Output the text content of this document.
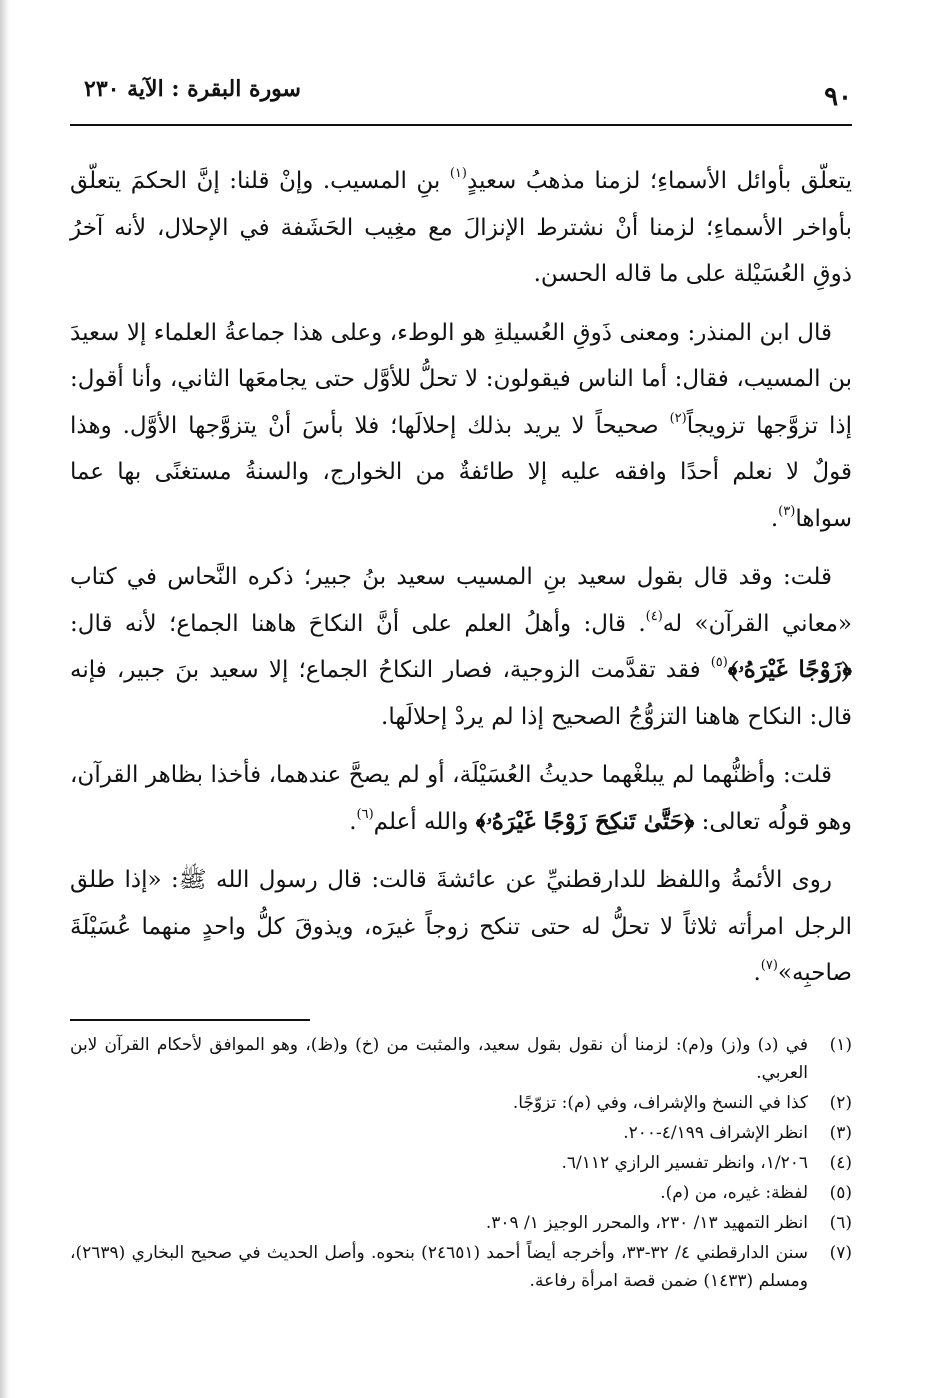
٩٠
سورة البقرة : الآية ٢٣٠

يتعلّق بأوائل الأسماءِ؛ لزمنا مذهبُ سعيدٍ$^{(١)}$ بنِ المسيب. وإنْ قلنا: إنَّ الحكمَ يتعلّق بأواخر الأسماءِ؛ لزمنا أنْ نشترط الإنزالَ مع مغِيب الحَشَفة في الإحلال، لأنه آخرُ ذوقِ العُسَيْلة على ما قاله الحسن.

قال ابن المنذر: ومعنى ذَوقِ العُسيلةِ هو الوطء، وعلى هذا جماعةُ العلماء إلا سعيدَ بن المسيب، فقال: أما الناس فيقولون: لا تحلُّ للأوَّل حتى يجامعَها الثاني، وأنا أقول: إذا تزوَّجها تزويجاً$^{(٢)}$ صحيحاً لا يريد بذلك إحلالَها؛ فلا بأسَ أنْ يتزوَّجها الأوَّل. وهذا قولٌ لا نعلم أحدًا وافقه عليه إلا طائفةٌ من الخوارج، والسنةُ مستغنًى بها عما سواها$^{(٣)}$.

قلت: وقد قال بقول سعيد بنِ المسيب سعيد بنُ جبير؛ ذكره النَّحاس في كتاب «معاني القرآن» له$^{(٤)}$. قال: وأهلُ العلم على أنَّ النكاحَ هاهنا الجماع؛ لأنه قال: ﴿زَوْجًا غَيْرَهُۥ﴾$^{(٥)}$ فقد تقدَّمت الزوجية، فصار النكاحُ الجماع؛ إلا سعيد بنَ جبير، فإنه قال: النكاح هاهنا التزوُّجُ الصحيح إذا لم يردْ إحلالَها.

قلت: وأظنُّهما لم يبلغْهما حديثُ العُسَيْلَة، أو لم يصحَّ عندهما، فأخذا بظاهر القرآن، وهو قولُه تعالى: ﴿حَتَّىٰ تَنكِحَ زَوْجًا غَيْرَهُۥ﴾ والله أعلم$^{(٦)}$.

روى الأئمةُ واللفظ للدارقطنيِّ عن عائشةَ قالت: قال رسول الله ﷺ: «إذا طلق الرجل امرأته ثلاثاً لا تحلُّ له حتى تنكح زوجاً غيرَه، ويذوقَ كلُّ واحدٍ منهما عُسَيْلَةَ صاحبِه»$^{(٧)}$.

(١)
في (د) و(ز) و(م): لزمنا أن نقول بقول سعيد، والمثبت من (خ) و(ظ)، وهو الموافق لأحكام القرآن لابن العربي.
(٢)
كذا في النسخ والإشراف، وفي (م): تزوّجًا.
(٣)
انظر الإشراف ٤/١٩٩-٢٠٠.
(٤)
١/٢٠٦، وانظر تفسير الرازي ٦/١١٢.
(٥)
لفظة: غيره، من (م).
(٦)
انظر التمهيد ١٣/ ٢٣٠، والمحرر الوجيز ١/ ٣٠٩.
(٧)
سنن الدارقطني ٤/ ٣٢-٣٣، وأخرجه أيضاً أحمد (٢٤٦٥١) بنحوه. وأصل الحديث في صحيح البخاري (٢٦٣٩)، ومسلم (١٤٣٣) ضمن قصة امرأة رفاعة.
